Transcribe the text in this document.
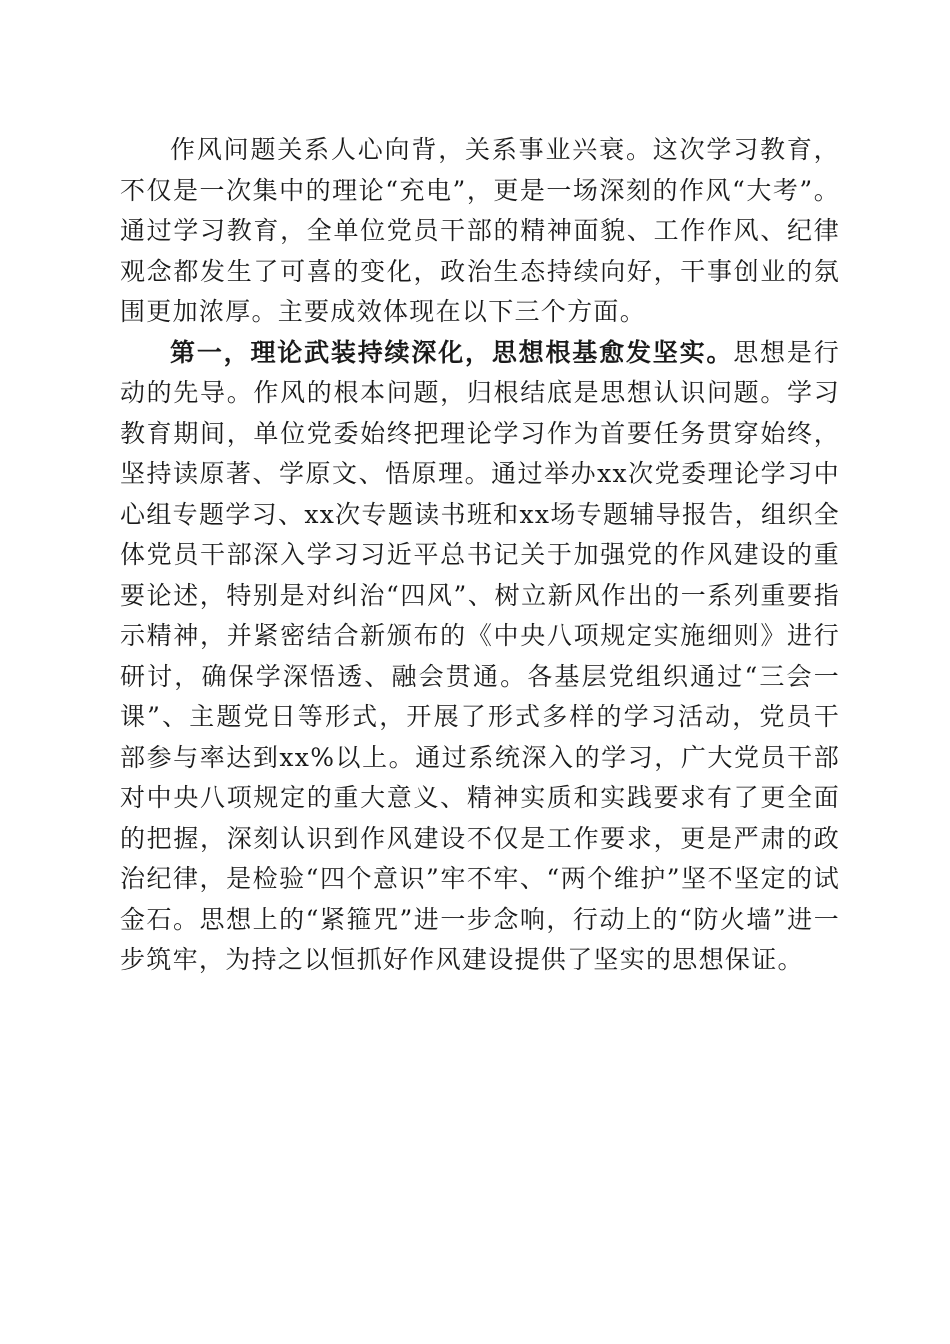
作风问题关系人心向背，关系事业兴衰。这次学习教育，不仅是一次集中的理论“充电”，更是一场深刻的作风“大考”。通过学习教育，全单位党员干部的精神面貌、工作作风、纪律观念都发生了可喜的变化，政治生态持续向好，干事创业的氛围更加浓厚。主要成效体现在以下三个方面。

第一，理论武装持续深化，思想根基愈发坚实。思想是行动的先导。作风的根本问题，归根结底是思想认识问题。学习教育期间，单位党委始终把理论学习作为首要任务贯穿始终，坚持读原著、学原文、悟原理。通过举办xx次党委理论学习中心组专题学习、xx次专题读书班和xx场专题辅导报告，组织全体党员干部深入学习习近平总书记关于加强党的作风建设的重要论述，特别是对纠治“四风”、树立新风作出的一系列重要指示精神，并紧密结合新颁布的《中央八项规定实施细则》进行研讨，确保学深悟透、融会贯通。各基层党组织通过“三会一课”、主题党日等形式，开展了形式多样的学习活动，党员干部参与率达到xx%以上。通过系统深入的学习，广大党员干部对中央八项规定的重大意义、精神实质和实践要求有了更全面的把握，深刻认识到作风建设不仅是工作要求，更是严肃的政治纪律，是检验“四个意识”牢不牢、“两个维护”坚不坚定的试金石。思想上的“紧箍咒”进一步念响，行动上的“防火墙”进一步筑牢，为持之以恒抓好作风建设提供了坚实的思想保证。
